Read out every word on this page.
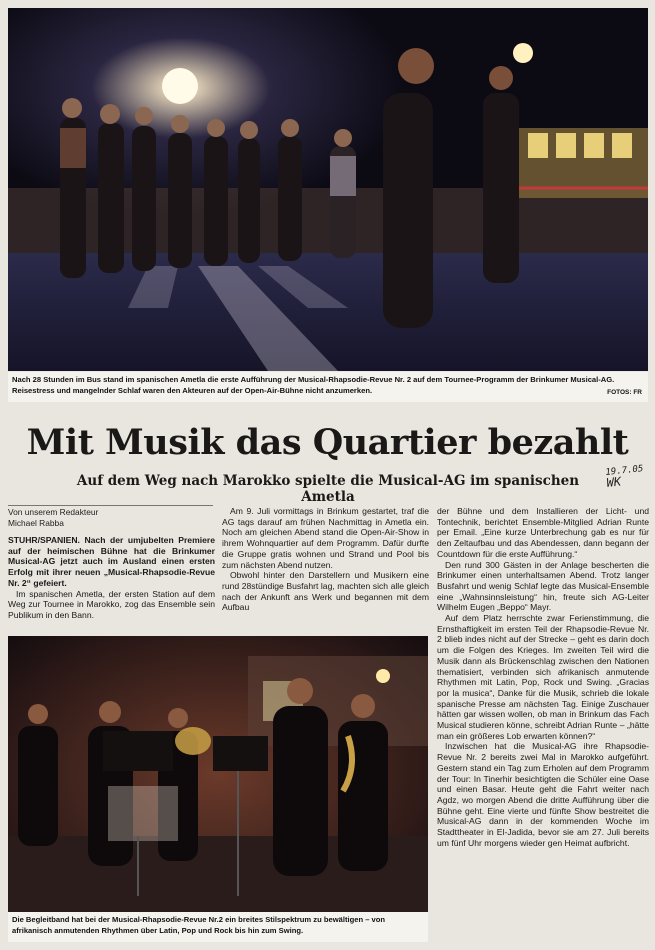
Nach 28 Stunden im Bus stand im spanischen Ametla die erste Aufführung der Musical-Rhapsodie-Revue Nr. 2 auf dem Tournee-Programm der Brinkumer Musical-AG. Reisestress und mangelnder Schlaf waren den Akteuren auf der Open-Air-Bühne nicht anzumerken.	FOTOS: FR
Mit Musik das Quartier bezahlt
Auf dem Weg nach Marokko spielte die Musical-AG im spanischen Ametla
19.7.05
WK
Von unserem Redakteur
Michael Rabba

STUHR/SPANIEN. Nach der umjubelten Premiere auf der heimischen Bühne hat die Brinkumer Musical-AG jetzt auch im Ausland einen ersten Erfolg mit ihrer neuen „Musical-Rhapsodie-Revue Nr. 2“ gefeiert.

Im spanischen Ametla, der ersten Station auf dem Weg zur Tournee in Marokko, zog das Ensemble sein Publikum in den Bann.

Am 9. Juli vormittags in Brinkum gestartet, traf die AG tags darauf am frühen Nachmittag in Ametla ein. Noch am gleichen Abend stand die Open-Air-Show in ihrem Wohnquartier auf dem Programm. Dafür durfte die Gruppe gratis wohnen und Strand und Pool bis zum nächsten Abend nutzen.

Obwohl hinter den Darstellern und Musikern eine rund 28stündige Busfahrt lag, machten sich alle gleich nach der Ankunft ans Werk und begannen mit dem Aufbau

der Bühne und dem Installieren der Licht- und Tontechnik, berichtet Ensemble-Mitglied Adrian Runte per Email. „Eine kurze Unterbrechung gab es nur für den Zeltaufbau und das Abendessen, dann begann der Countdown für die erste Aufführung.“

Den rund 300 Gästen in der Anlage bescherten die Brinkumer einen unterhaltsamen Abend. Trotz langer Busfahrt und wenig Schlaf legte das Musical-Ensemble eine „Wahnsinnsleistung“ hin, freute sich AG-Leiter Wilhelm Eugen „Beppo“ Mayr.

Auf dem Platz herrschte zwar Ferienstimmung, die Ernsthaftigkeit im ersten Teil der Rhapsodie-Revue Nr. 2 blieb indes nicht auf der Strecke – geht es darin doch um die Folgen des Krieges. Im zweiten Teil wird die Musik dann als Brückenschlag zwischen den Nationen thematisiert, verbinden sich afrikanisch anmutende Rhythmen mit Latin, Pop, Rock und Swing. „Gracias por la musica“, Danke für die Musik, schrieb die lokale spanische Presse am nächsten Tag. Einige Zuschauer hätten gar wissen wollen, ob man in Brinkum das Fach Musical studieren könne, schreibt Adrian Runte – „hätte man ein größeres Lob erwarten können?“

Inzwischen hat die Musical-AG ihre Rhapsodie-Revue Nr. 2 bereits zwei Mal in Marokko aufgeführt. Gestern stand ein Tag zum Erholen auf dem Programm der Tour: In Tinerhir besichtigten die Schüler eine Oase und einen Basar. Heute geht die Fahrt weiter nach Agdz, wo morgen Abend die dritte Aufführung über die Bühne geht. Eine vierte und fünfte Show bestreitet die Musical-AG dann in der kommenden Woche im Stadttheater in El-Jadida, bevor sie am 27. Juli bereits um fünf Uhr morgens wieder gen Heimat aufbricht.

Die Begleitband hat bei der Musical-Rhapsodie-Revue Nr.2 ein breites Stilspektrum zu bewältigen – von afrikanisch anmutenden Rhythmen über Latin, Pop und Rock bis hin zum Swing.
